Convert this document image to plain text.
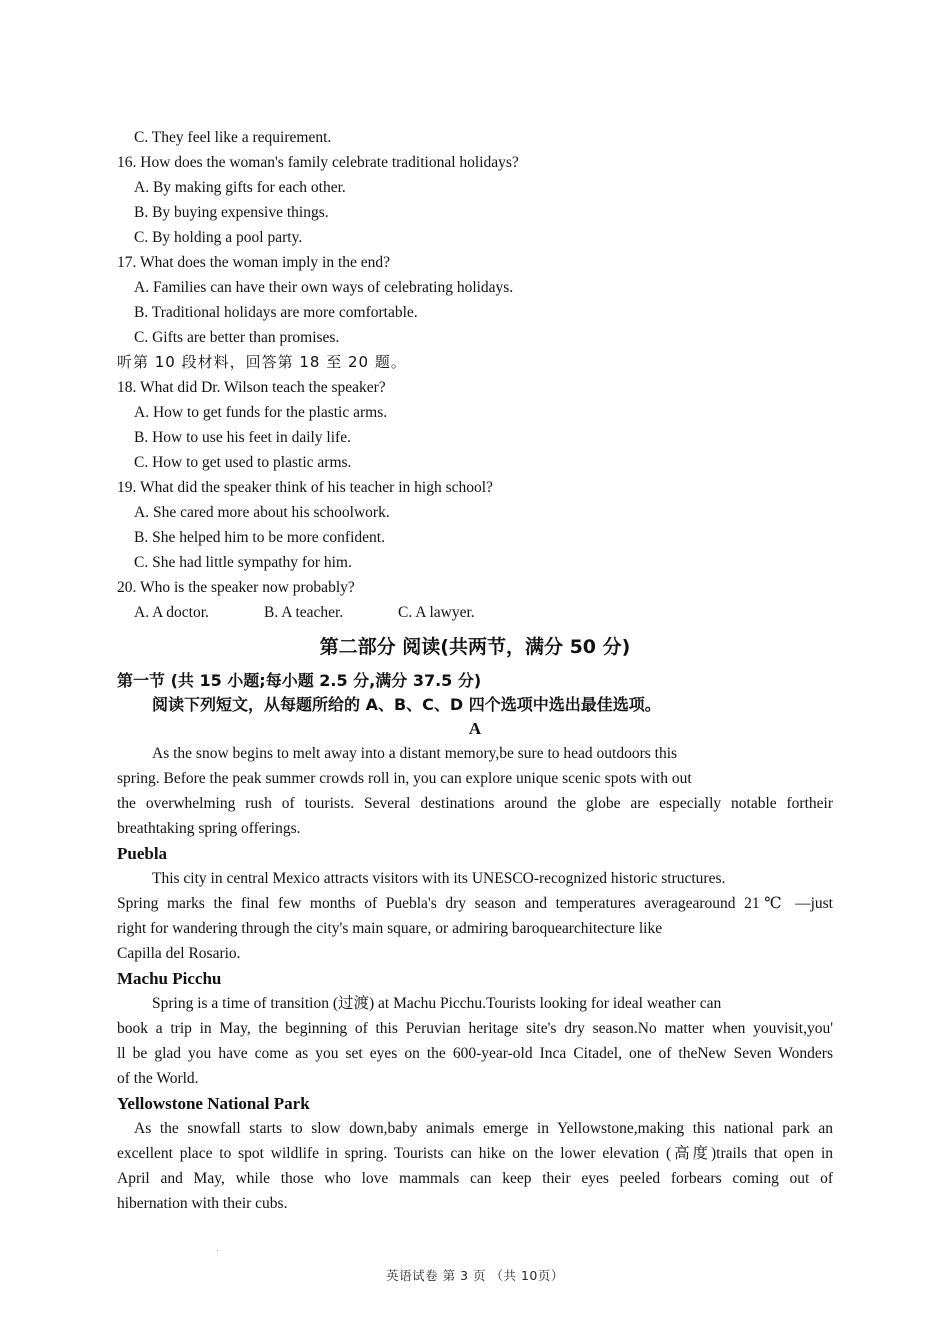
C. They feel like a requirement.
16. How does the woman's family celebrate traditional holidays?
A. By making gifts for each other.
B. By buying expensive things.
C. By holding a pool party.
17. What does the woman imply in the end?
A. Families can have their own ways of celebrating holidays.
B. Traditional holidays are more comfortable.
C. Gifts are better than promises.
听第 10 段材料，回答第 18 至 20 题。
18. What did Dr. Wilson teach the speaker?
A. How to get funds for the plastic arms.
B. How to use his feet in daily life.
C. How to get used to plastic arms.
19. What did the speaker think of his teacher in high school?
A. She cared more about his schoolwork.
B. She helped him to be more confident.
C. She had little sympathy for him.
20. Who is the speaker now probably?
A. A doctor.	B. A teacher.	C. A lawyer.
第二部分 阅读(共两节，满分 50 分)
第一节 (共 15 小题;每小题 2.5 分,满分 37.5 分)
阅读下列短文，从每题所给的 A、B、C、D 四个选项中选出最佳选项。
A
As the snow begins to melt away into a distant memory,be sure to head outdoors this
spring. Before the peak summer crowds roll in, you can explore unique scenic spots with out
the overwhelming rush of tourists. Several destinations around the globe are especially notable fortheir
breathtaking spring offerings.
Puebla
This city in central Mexico attracts visitors with its UNESCO-recognized historic structures.
Spring marks the final few months of Puebla's dry season and temperatures averagearound 21℃ —just
right for wandering through the city's main square, or admiring baroquearchitecture like
Capilla del Rosario.
Machu Picchu
Spring is a time of transition (过渡) at Machu Picchu.Tourists looking for ideal weather can
book a trip in May, the beginning of this Peruvian heritage site's dry season.No matter when youvisit,you'
ll be glad you have come as you set eyes on the 600-year-old Inca Citadel, one of theNew Seven Wonders
of the World.
Yellowstone National Park
As the snowfall starts to slow down,baby animals emerge in Yellowstone,making this national park an
excellent place to spot wildlife in spring. Tourists can hike on the lower elevation (高度)trails that open in
April and May, while those who love mammals can keep their eyes peeled forbears coming out of
hibernation with their cubs.
英语试卷 第 3 页 （共 10页）
